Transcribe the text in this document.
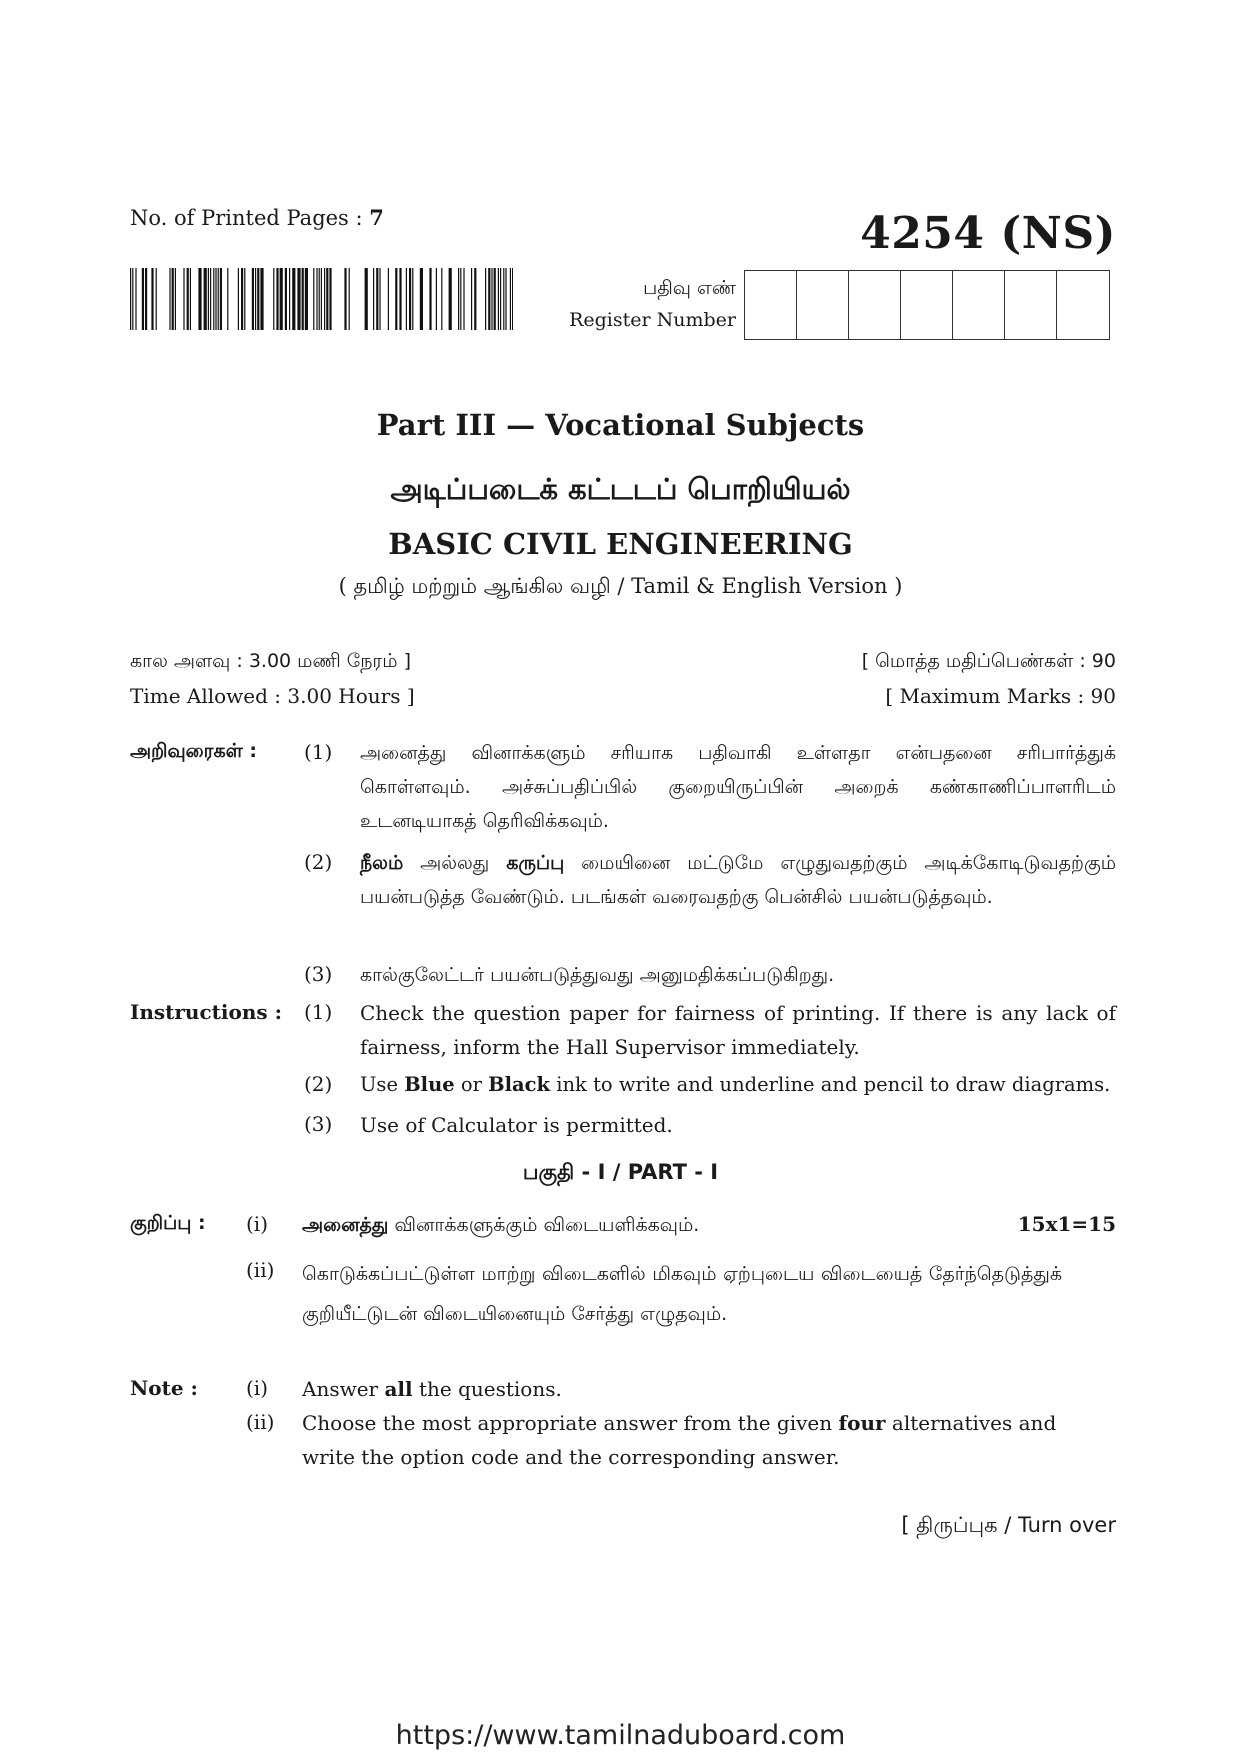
No. of Printed Pages : 7	4254 (NS)
பதிவு எண்
Register Number
Part III — Vocational Subjects
அடிப்படைக் கட்டடப் பொறியியல்
BASIC CIVIL ENGINEERING
( தமிழ் மற்றும் ஆங்கில வழி / Tamil & English Version )
கால அளவு : 3.00 மணி நேரம் ]	[ மொத்த மதிப்பெண்கள் : 90
Time Allowed : 3.00 Hours ]	[ Maximum Marks : 90
அறிவுரைகள் : (1) அனைத்து வினாக்களும் சரியாக பதிவாகி உள்ளதா என்பதனை சரிபார்த்துக் கொள்ளவும். அச்சுப்பதிப்பில் குறையிருப்பின் அறைக் கண்காணிப்பாளரிடம் உடனடியாகத் தெரிவிக்கவும்.
(2) நீலம் அல்லது கருப்பு மையினை மட்டுமே எழுதுவதற்கும் அடிக்கோடிடுவதற்கும் பயன்படுத்த வேண்டும். படங்கள் வரைவதற்கு பென்சில் பயன்படுத்தவும்.
(3) கால்குலேட்டர் பயன்படுத்துவது அனுமதிக்கப்படுகிறது.
Instructions : (1) Check the question paper for fairness of printing. If there is any lack of fairness, inform the Hall Supervisor immediately.
(2) Use Blue or Black ink to write and underline and pencil to draw diagrams.
(3) Use of Calculator is permitted.
பகுதி - I / PART - I
குறிப்பு : (i) அனைத்து வினாக்களுக்கும் விடையளிக்கவும்.	15x1=15
(ii) கொடுக்கப்பட்டுள்ள மாற்று விடைகளில் மிகவும் ஏற்புடைய விடையைத் தேர்ந்தெடுத்துக் குறியீட்டுடன் விடையினையும் சேர்த்து எழுதவும்.
Note : (i) Answer all the questions.
(ii) Choose the most appropriate answer from the given four alternatives and write the option code and the corresponding answer.
[ திருப்புக / Turn over
https://www.tamilnaduboard.com
